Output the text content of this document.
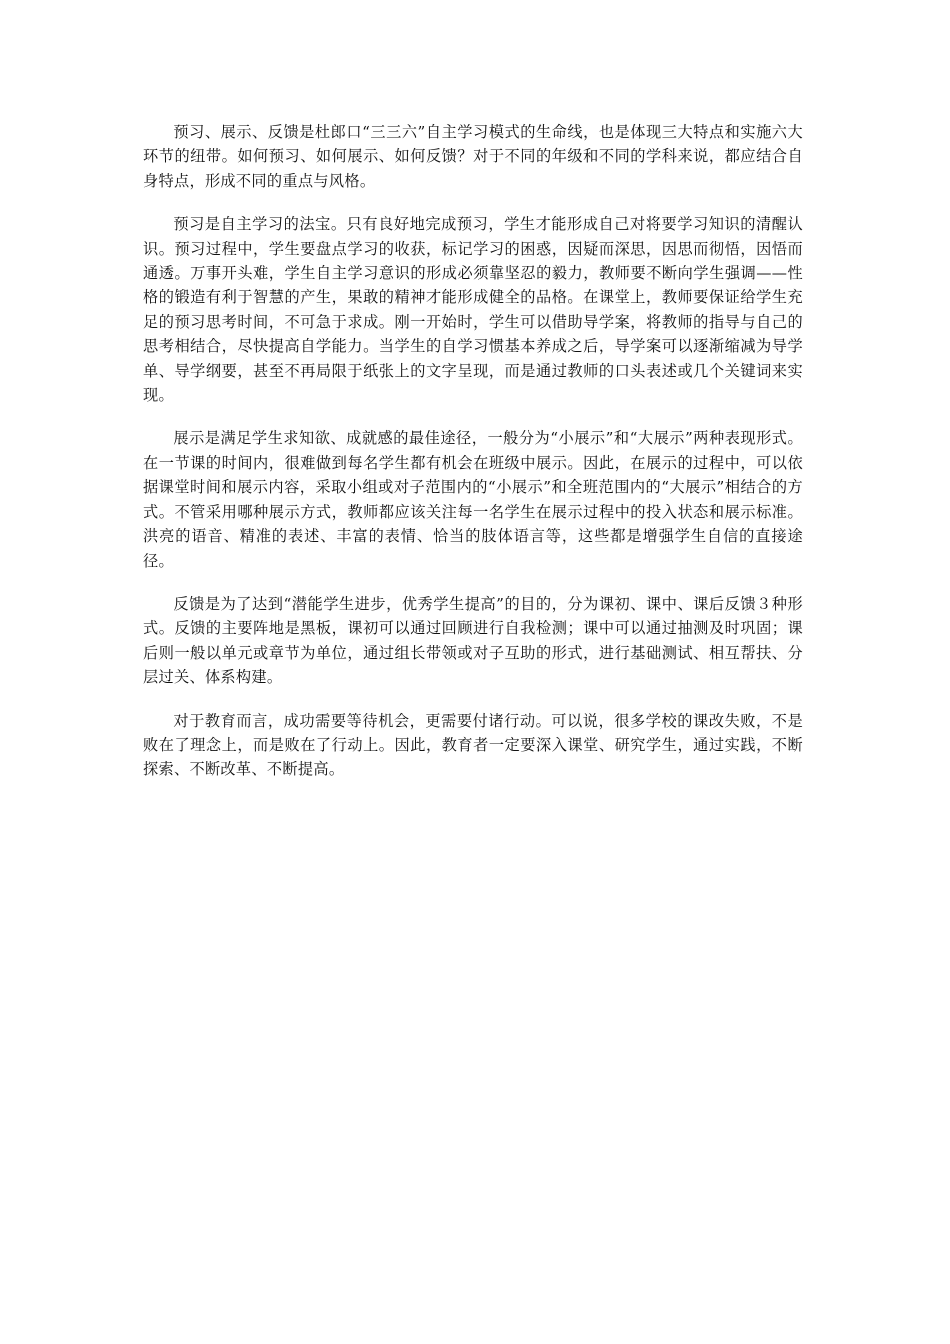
预习、展示、反馈是杜郎口“三三六”自主学习模式的生命线，也是体现三大特点和实施六大环节的纽带。如何预习、如何展示、如何反馈？对于不同的年级和不同的学科来说，都应结合自身特点，形成不同的重点与风格。

预习是自主学习的法宝。只有良好地完成预习，学生才能形成自己对将要学习知识的清醒认识。预习过程中，学生要盘点学习的收获，标记学习的困惑，因疑而深思，因思而彻悟，因悟而通透。万事开头难，学生自主学习意识的形成必须靠坚忍的毅力，教师要不断向学生强调——性格的锻造有利于智慧的产生，果敢的精神才能形成健全的品格。在课堂上，教师要保证给学生充足的预习思考时间，不可急于求成。刚一开始时，学生可以借助导学案，将教师的指导与自己的思考相结合，尽快提高自学能力。当学生的自学习惯基本养成之后，导学案可以逐渐缩减为导学单、导学纲要，甚至不再局限于纸张上的文字呈现，而是通过教师的口头表述或几个关键词来实现。

展示是满足学生求知欲、成就感的最佳途径，一般分为“小展示”和“大展示”两种表现形式。在一节课的时间内，很难做到每名学生都有机会在班级中展示。因此，在展示的过程中，可以依据课堂时间和展示内容，采取小组或对子范围内的“小展示”和全班范围内的“大展示”相结合的方式。不管采用哪种展示方式，教师都应该关注每一名学生在展示过程中的投入状态和展示标准。洪亮的语音、精准的表述、丰富的表情、恰当的肢体语言等，这些都是增强学生自信的直接途径。

反馈是为了达到“潜能学生进步，优秀学生提高”的目的，分为课初、课中、课后反馈３种形式。反馈的主要阵地是黑板，课初可以通过回顾进行自我检测；课中可以通过抽测及时巩固；课后则一般以单元或章节为单位，通过组长带领或对子互助的形式，进行基础测试、相互帮扶、分层过关、体系构建。

对于教育而言，成功需要等待机会，更需要付诸行动。可以说，很多学校的课改失败，不是败在了理念上，而是败在了行动上。因此，教育者一定要深入课堂、研究学生，通过实践，不断探索、不断改革、不断提高。
